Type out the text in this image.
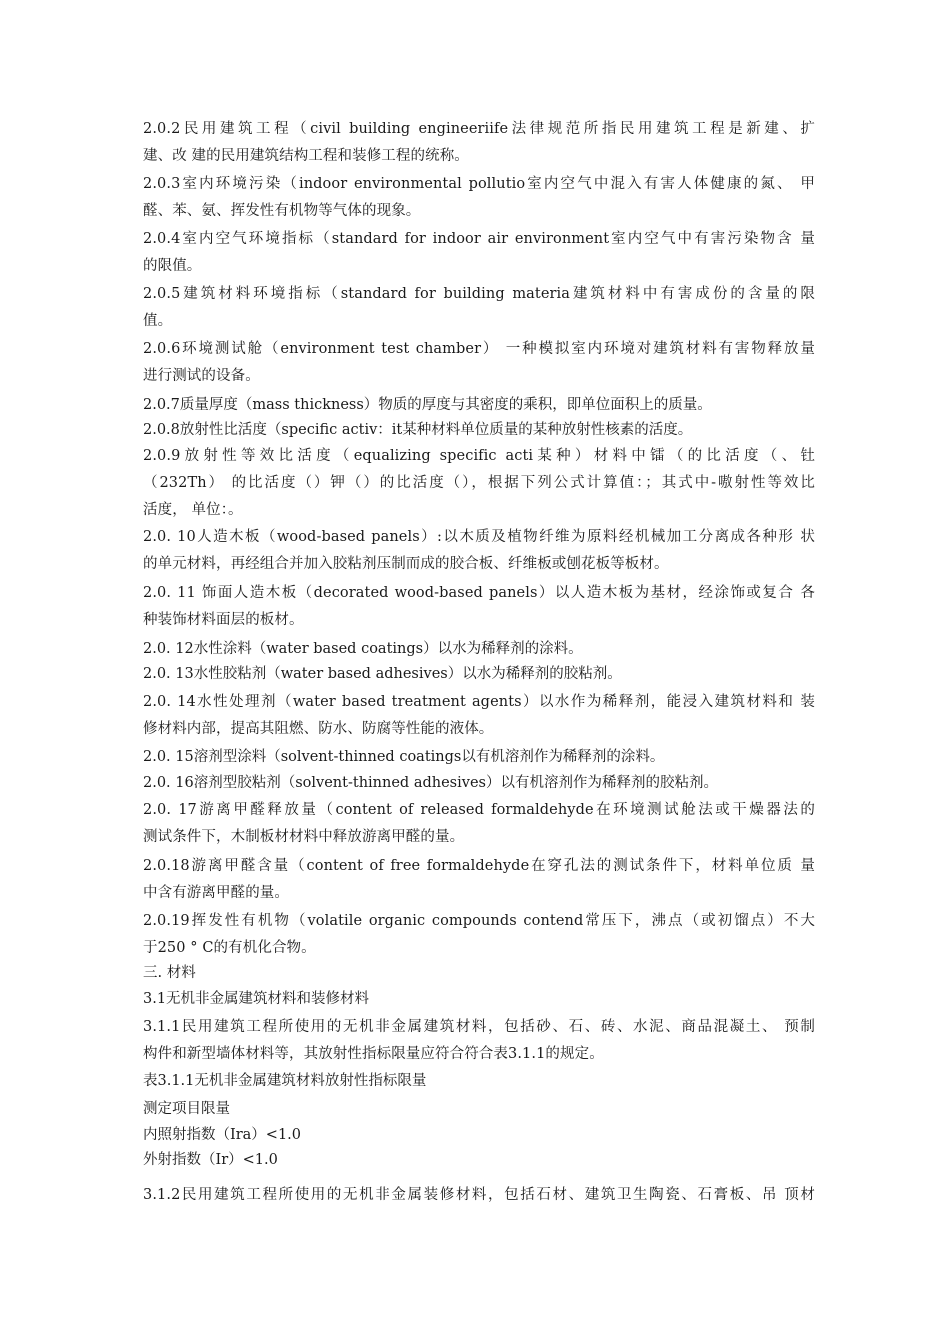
2.0.2民用建筑工程（civil building engineeriife法律规范所指民用建筑工程是新建、扩
建、改 建的民用建筑结构工程和装修工程的统称。
2.0.3室内环境污染（indoor environmental pollutio室内空气中混入有害人体健康的氮、 甲
醛、苯、氨、挥发性有机物等气体的现象。
2.0.4室内空气环境指标（standard for indoor air environment室内空气中有害污染物含 量
的限值。
2.0.5建筑材料环境指标（standard for building materia建筑材料中有害成份的含量的限
值。
2.0.6环境测试舱（environment test chamber） 一种模拟室内环境对建筑材料有害物释放量
进行测试的设备。
2.0.7质量厚度（mass thickness）物质的厚度与其密度的乘积，即单位面积上的质量。
2.0.8放射性比活度（specific activ：it某种材料单位质量的某种放射性核素的活度。
2.0.9放射性等效比活度（equalizing specific acti某种）材料中镭（的比活度（、钍
（232Th） 的比活度（）钾（）的比活度（），根据下列公式计算值：；其式中-嗷射性等效比
活度， 单位：。
2.0. 10人造木板（wood-based panels）:以木质及植物纤维为原料经机械加工分离成各种形 状
的单元材料，再经组合并加入胶粘剂压制而成的胶合板、纤维板或刨花板等板材。
2.0. 11 饰面人造木板（decorated wood-based panels）以人造木板为基材，经涂饰或复合 各
种装饰材料面层的板材。
2.0. 12水性涂料（water based coatings）以水为稀释剂的涂料。
2.0. 13水性胶粘剂（water based adhesives）以水为稀释剂的胶粘剂。
2.0. 14水性处理剂（water based treatment agents）以水作为稀释剂，能浸入建筑材料和 装
修材料内部，提高其阻燃、防水、防腐等性能的液体。
2.0. 15溶剂型涂料（solvent-thinned coatings以有机溶剂作为稀释剂的涂料。
2.0. 16溶剂型胶粘剂（solvent-thinned adhesives）以有机溶剂作为稀释剂的胶粘剂。
2.0. 17游离甲醛释放量（content of released formaldehyde在环境测试舱法或干燥器法的
测试条件下，木制板材材料中释放游离甲醛的量。
2.0.18游离甲醛含量（content of free formaldehyde在穿孔法的测试条件下，材料单位质 量
中含有游离甲醛的量。
2.0.19挥发性有机物（volatile organic compounds contend常压下，沸点（或初馏点）不大
于250 ° C的有机化合物。
三. 材料
3.1无机非金属建筑材料和装修材料
3.1.1民用建筑工程所使用的无机非金属建筑材料，包括砂、石、砖、水泥、商品混凝土、 预制
构件和新型墙体材料等，其放射性指标限量应符合符合表3.1.1的规定。
表3.1.1无机非金属建筑材料放射性指标限量
测定项目限量
内照射指数（Ira）<1.0
外射指数（Ir）<1.0
3.1.2民用建筑工程所使用的无机非金属装修材料，包括石材、建筑卫生陶瓷、石膏板、吊 顶材
